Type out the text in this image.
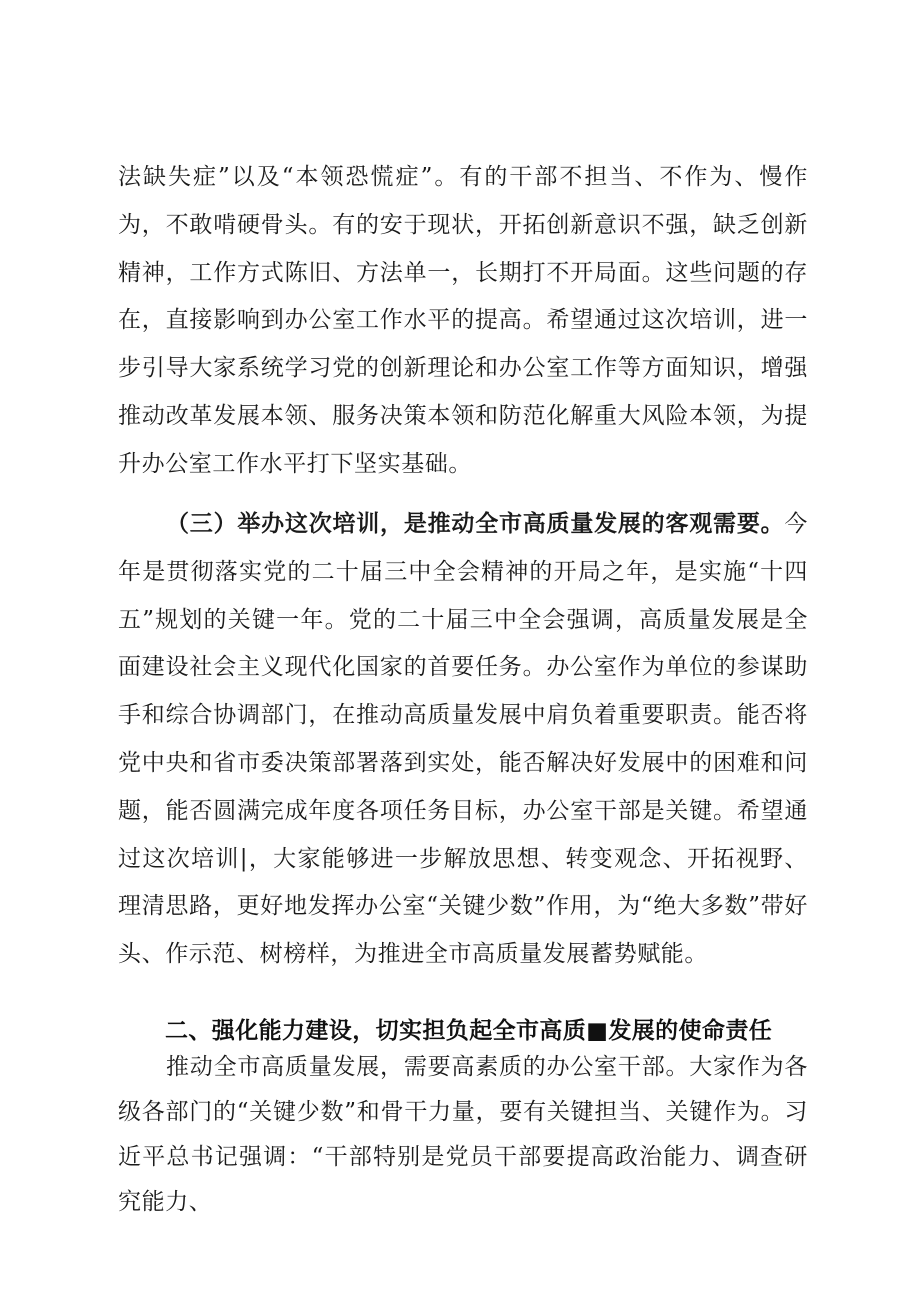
法缺失症”以及“本领恐慌症”。有的干部不担当、不作为、慢作为，不敢啃硬骨头。有的安于现状，开拓创新意识不强，缺乏创新精神，工作方式陈旧、方法单一，长期打不开局面。这些问题的存在，直接影响到办公室工作水平的提高。希望通过这次培训，进一步引导大家系统学习党的创新理论和办公室工作等方面知识，增强推动改革发展本领、服务决策本领和防范化解重大风险本领，为提升办公室工作水平打下坚实基础。

（三）举办这次培训，是推动全市高质量发展的客观需要。今年是贯彻落实党的二十届三中全会精神的开局之年，是实施“十四五”规划的关键一年。党的二十届三中全会强调，高质量发展是全面建设社会主义现代化国家的首要任务。办公室作为单位的参谋助手和综合协调部门，在推动高质量发展中肩负着重要职责。能否将党中央和省市委决策部署落到实处，能否解决好发展中的困难和问题，能否圆满完成年度各项任务目标，办公室干部是关键。希望通过这次培训|，大家能够进一步解放思想、转变观念、开拓视野、理清思路，更好地发挥办公室“关键少数”作用，为“绝大多数”带好头、作示范、树榜样，为推进全市高质量发展蓄势赋能。

二、强化能力建设，切实担负起全市高质■发展的使命责任

推动全市高质量发展，需要高素质的办公室干部。大家作为各级各部门的“关键少数”和骨干力量，要有关键担当、关键作为。习近平总书记强调：“干部特别是党员干部要提高政治能力、调查研究能力、
